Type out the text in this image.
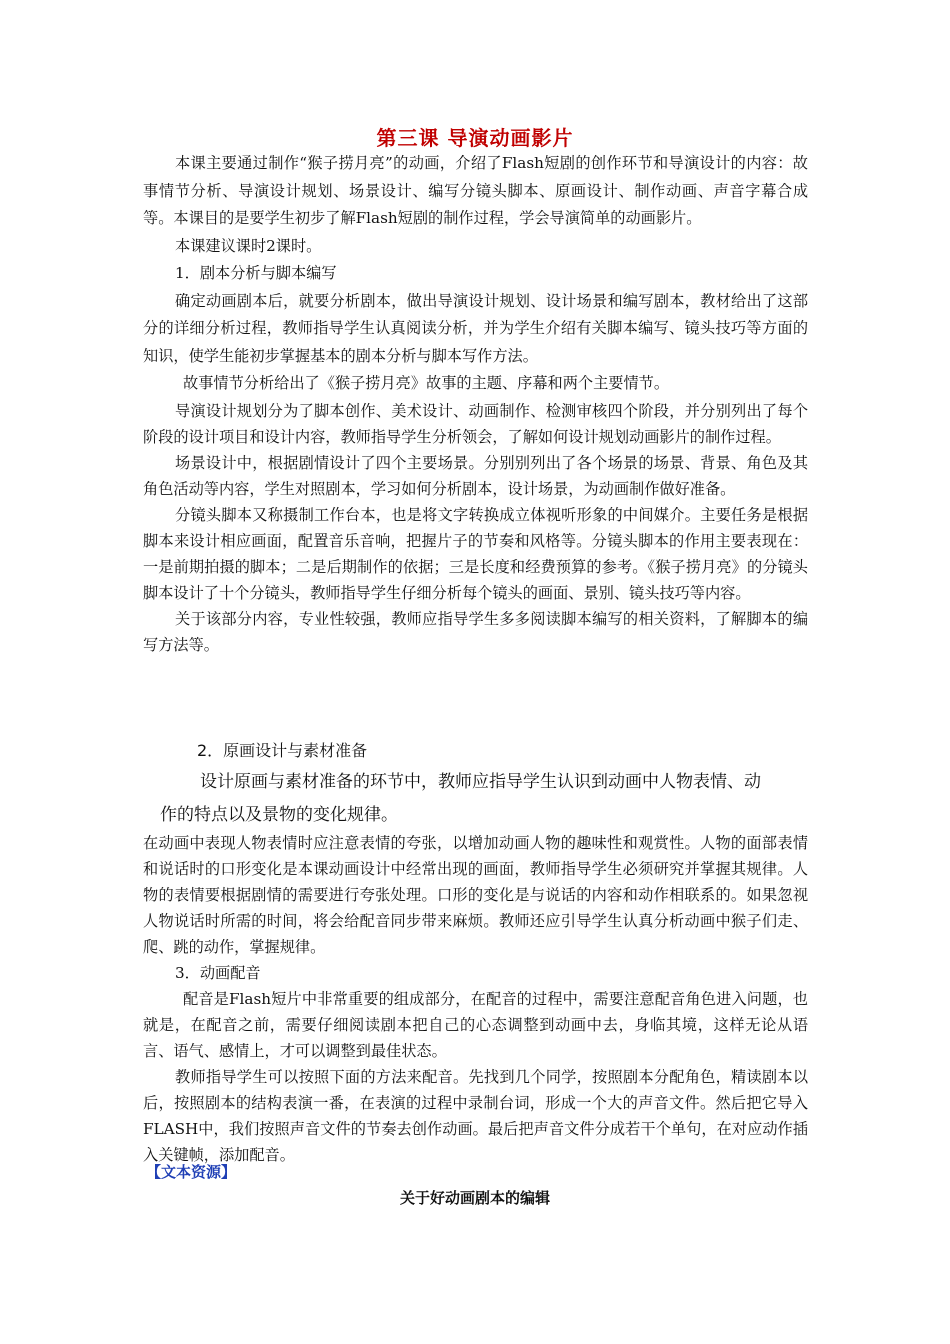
第三课 导演动画影片

本课主要通过制作“猴子捞月亮”的动画，介绍了Flash短剧的创作环节和导演设计的内容：故事情节分析、导演设计规划、场景设计、编写分镜头脚本、原画设计、制作动画、声音字幕合成等。本课目的是要学生初步了解Flash短剧的制作过程，学会导演简单的动画影片。

本课建议课时2课时。

1．剧本分析与脚本编写

确定动画剧本后，就要分析剧本，做出导演设计规划、设计场景和编写剧本，教材给出了这部分的详细分析过程，教师指导学生认真阅读分析，并为学生介绍有关脚本编写、镜头技巧等方面的知识，使学生能初步掌握基本的剧本分析与脚本写作方法。

故事情节分析给出了《猴子捞月亮》故事的主题、序幕和两个主要情节。

导演设计规划分为了脚本创作、美术设计、动画制作、检测审核四个阶段，并分别列出了每个阶段的设计项目和设计内容，教师指导学生分析领会，了解如何设计规划动画影片的制作过程。

场景设计中，根据剧情设计了四个主要场景。分别别列出了各个场景的场景、背景、角色及其角色活动等内容，学生对照剧本，学习如何分析剧本，设计场景，为动画制作做好准备。

分镜头脚本又称摄制工作台本，也是将文字转换成立体视听形象的中间媒介。主要任务是根据脚本来设计相应画面，配置音乐音响，把握片子的节奏和风格等。分镜头脚本的作用主要表现在：一是前期拍摄的脚本；二是后期制作的依据；三是长度和经费预算的参考。《猴子捞月亮》的分镜头脚本设计了十个分镜头，教师指导学生仔细分析每个镜头的画面、景别、镜头技巧等内容。

关于该部分内容，专业性较强，教师应指导学生多多阅读脚本编写的相关资料，了解脚本的编写方法等。

2．原画设计与素材准备
设计原画与素材准备的环节中，教师应指导学生认识到动画中人物表情、动
作的特点以及景物的变化规律。

在动画中表现人物表情时应注意表情的夸张，以增加动画人物的趣味性和观赏性。人物的面部表情和说话时的口形变化是本课动画设计中经常出现的画面，教师指导学生必须研究并掌握其规律。人物的表情要根据剧情的需要进行夸张处理。口形的变化是与说话的内容和动作相联系的。如果忽视人物说话时所需的时间，将会给配音同步带来麻烦。教师还应引导学生认真分析动画中猴子们走、爬、跳的动作，掌握规律。

3．动画配音

配音是Flash短片中非常重要的组成部分，在配音的过程中，需要注意配音角色进入问题，也就是，在配音之前，需要仔细阅读剧本把自己的心态调整到动画中去，身临其境，这样无论从语言、语气、感情上，才可以调整到最佳状态。

教师指导学生可以按照下面的方法来配音。先找到几个同学，按照剧本分配角色，精读剧本以后，按照剧本的结构表演一番，在表演的过程中录制台词，形成一个大的声音文件。然后把它导入FLASH中，我们按照声音文件的节奏去创作动画。最后把声音文件分成若干个单句，在对应动作插入关键帧，添加配音。

【文本资源】
关于好动画剧本的编辑
